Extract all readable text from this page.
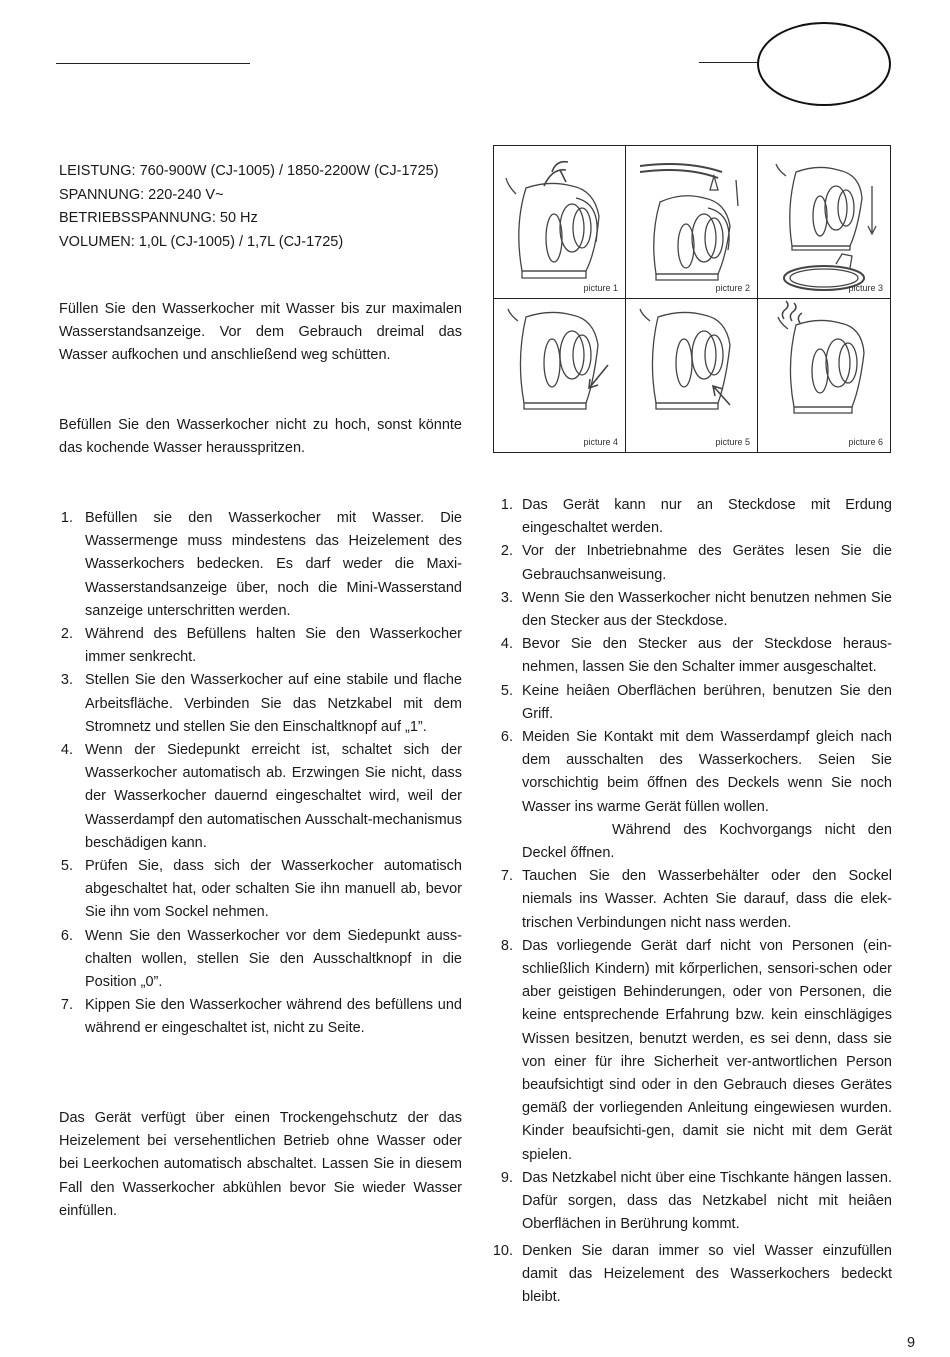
LEISTUNG: 760-900W (CJ-1005) / 1850-2200W (CJ-1725)
SPANNUNG: 220-240 V~
BETRIEBSSPANNUNG: 50 Hz
VOLUMEN: 1,0L (CJ-1005) / 1,7L (CJ-1725)
Füllen Sie den Wasserkocher mit Wasser bis zur maximalen Wasserstandsanzeige. Vor dem Gebrauch dreimal das Wasser aufkochen und anschließend weg schütten.
Befüllen Sie den Wasserkocher nicht zu hoch, sonst könnte das kochende Wasser herausspritzen.
picture 1	picture 2	picture 3
picture 4	picture 5	picture 6
1. Befüllen sie den Wasserkocher mit Wasser. Die Wassermenge muss mindestens das Heizelement des Wasserkochers bedecken. Es darf weder die Maxi-Wasserstandsanzeige über, noch die Mini-Wasserstand sanzeige unterschritten werden.
2. Während des Befüllens halten Sie den Wasserkocher immer senkrecht.
3. Stellen Sie den Wasserkocher auf eine stabile und flache Arbeitsfläche. Verbinden Sie das Netzkabel mit dem Stromnetz und stellen Sie den Einschaltknopf auf „1”.
4. Wenn der Siedepunkt erreicht ist, schaltet sich der Wasserkocher automatisch ab. Erzwingen Sie nicht, dass der Wasserkocher dauernd eingeschaltet wird, weil der Wasserdampf den automatischen Ausschalt-mechanismus beschädigen kann.
5. Prüfen Sie, dass sich der Wasserkocher automatisch abgeschaltet hat, oder schalten Sie ihn manuell ab, bevor Sie ihn vom Sockel nehmen.
6. Wenn Sie den Wasserkocher vor dem Siedepunkt auss-chalten wollen, stellen Sie den Ausschaltknopf in die Position „0”.
7. Kippen Sie den Wasserkocher während des befüllens und während er eingeschaltet ist, nicht zu Seite.
Das Gerät verfügt über einen Trockengehschutz der das Heizelement bei versehentlichen Betrieb ohne Wasser oder bei Leerkochen automatisch abschaltet. Lassen Sie in diesem Fall den Wasserkocher abkühlen bevor Sie wieder Wasser einfüllen.
1. Das Gerät kann nur an Steckdose mit Erdung eingeschaltet werden.
2. Vor der Inbetriebnahme des Gerätes lesen Sie die Gebrauchsanweisung.
3. Wenn Sie den Wasserkocher nicht benutzen nehmen Sie den Stecker aus der Steckdose.
4. Bevor Sie den Stecker aus der Steckdose heraus-nehmen, lassen Sie den Schalter immer ausgeschaltet.
5. Keine heiâen Oberflächen berühren, benutzen Sie den Griff.
6. Meiden Sie Kontakt mit dem Wasserdampf gleich nach dem ausschalten des Wasserkochers. Seien Sie vorschichtig beim őffnen des Deckels wenn Sie noch Wasser ins warme Gerät füllen wollen.
Während des Kochvorgangs nicht den Deckel őffnen.
7. Tauchen Sie den Wasserbehälter oder den Sockel niemals ins Wasser. Achten Sie darauf, dass die elek-trischen Verbindungen nicht nass werden.
8. Das vorliegende Gerät darf nicht von Personen (ein-schließlich Kindern) mit kőrperlichen, sensori-schen oder aber geistigen Behinderungen, oder von Personen, die keine entsprechende Erfahrung bzw. kein einschlägiges Wissen besitzen, benutzt werden, es sei denn, dass sie von einer für ihre Sicherheit ver-antwortlichen Person beaufsichtigt sind oder in den Gebrauch dieses Gerätes gemäß der vorliegenden Anleitung eingewiesen wurden. Kinder beaufsichti-gen, damit sie nicht mit dem Gerät spielen.
9. Das Netzkabel nicht über eine Tischkante hängen lassen. Dafür sorgen, dass das Netzkabel nicht mit heiâen Oberflächen in Berührung kommt.
10. Denken Sie daran immer so viel Wasser einzufüllen damit das Heizelement des Wasserkochers bedeckt bleibt.
9
